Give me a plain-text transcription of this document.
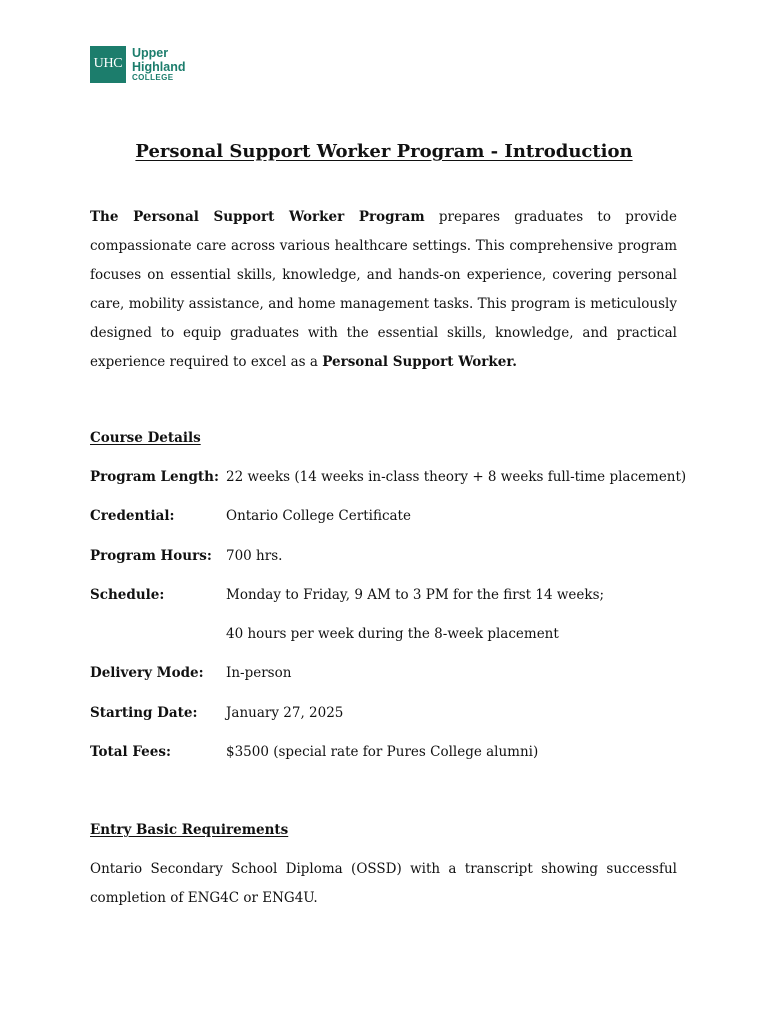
UHC
Upper
Highland
COLLEGE
Personal Support Worker Program - Introduction

The Personal Support Worker Program prepares graduates to provide compassionate care across various healthcare settings. This comprehensive program focuses on essential skills, knowledge, and hands-on experience, covering personal care, mobility assistance, and home management tasks. This program is meticulously designed to equip graduates with the essential skills, knowledge, and practical experience required to excel as a Personal Support Worker.

Course Details
Program Length: 22 weeks (14 weeks in-class theory + 8 weeks full-time placement)
Credential:	Ontario College Certificate
Program Hours:	700 hrs.
Schedule:	Monday to Friday, 9 AM to 3 PM for the first 14 weeks;
40 hours per week during the 8-week placement
Delivery Mode:	In-person
Starting Date:	January 27, 2025
Total Fees:	$3500 (special rate for Pures College alumni)
Entry Basic Requirements

Ontario Secondary School Diploma (OSSD) with a transcript showing successful completion of ENG4C or ENG4U.
